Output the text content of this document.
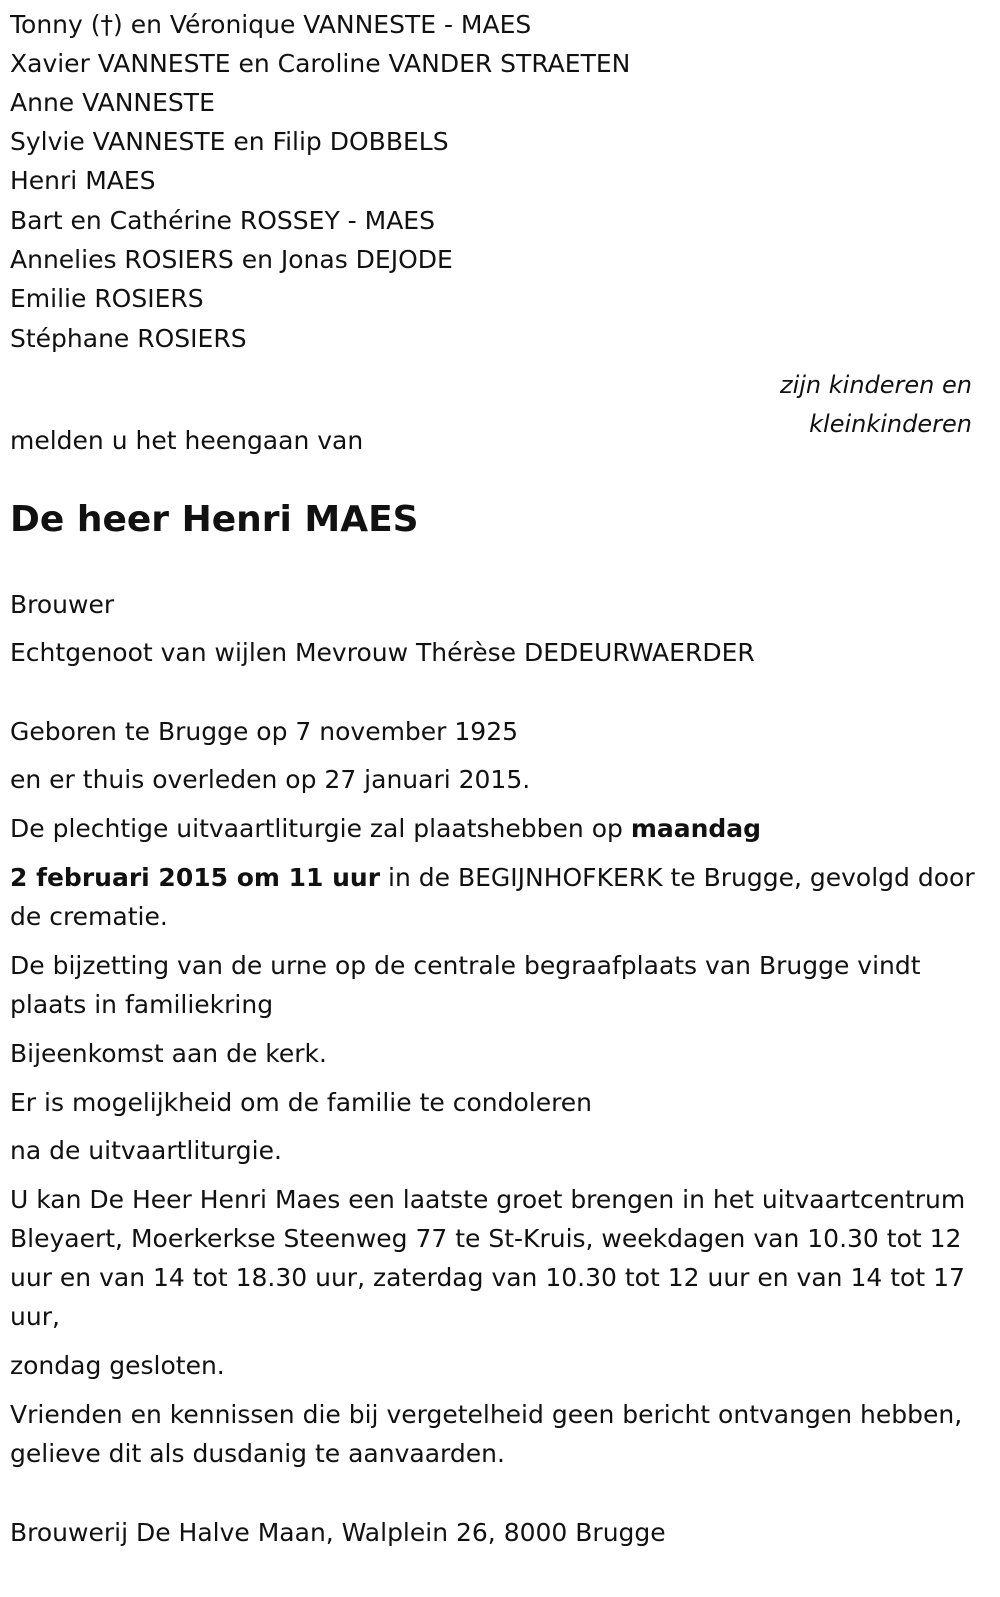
Tonny (†) en Véronique VANNESTE - MAES

Xavier VANNESTE en Caroline VANDER STRAETEN

Anne VANNESTE

Sylvie VANNESTE en Filip DOBBELS

Henri MAES

Bart en Cathérine ROSSEY - MAES

Annelies ROSIERS en Jonas DEJODE

Emilie ROSIERS

Stéphane ROSIERS

zijn kinderen en

kleinkinderen

melden u het heengaan van

De heer Henri MAES

Brouwer

Echtgenoot van wijlen Mevrouw Thérèse DEDEURWAERDER

Geboren te Brugge op 7 november 1925

en er thuis overleden op 27 januari 2015.

De plechtige uitvaartliturgie zal plaatshebben op maandag

2 februari 2015 om 11 uur in de BEGIJNHOFKERK te Brugge, gevolgd door de crematie.

De bijzetting van de urne op de centrale begraafplaats van Brugge vindt plaats in familiekring

Bijeenkomst aan de kerk.

Er is mogelijkheid om de familie te condoleren

na de uitvaartliturgie.

U kan De Heer Henri Maes een laatste groet brengen in het uitvaartcentrum Bleyaert, Moerkerkse Steenweg 77 te St-Kruis, weekdagen van 10.30 tot 12 uur en van 14 tot 18.30 uur, zaterdag van 10.30 tot 12 uur en van 14 tot 17 uur,

zondag gesloten.

Vrienden en kennissen die bij vergetelheid geen bericht ontvangen hebben, gelieve dit als dusdanig te aanvaarden.

Brouwerij De Halve Maan, Walplein 26, 8000 Brugge
